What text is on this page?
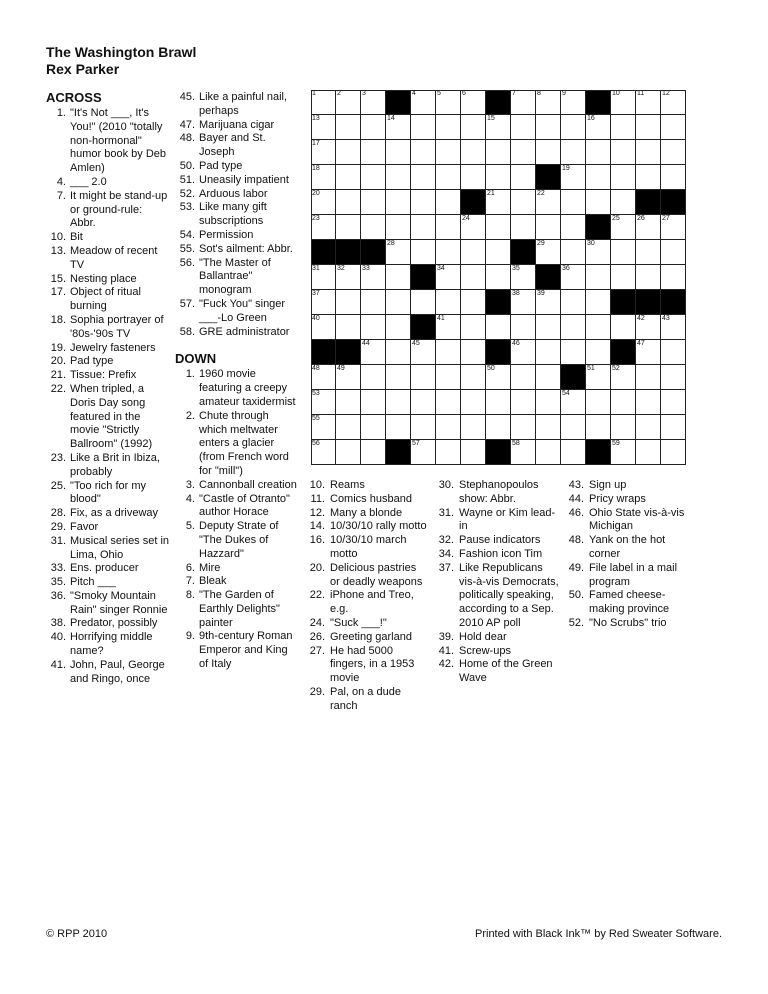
The Washington Brawl
Rex Parker
ACROSS
1. "It's Not ___, It's You!" (2010 "totally non-hormonal" humor book by Deb Amlen)
4. ___ 2.0
7. It might be stand-up or ground-rule: Abbr.
10. Bit
13. Meadow of recent TV
15. Nesting place
17. Object of ritual burning
18. Sophia portrayer of '80s-'90s TV
19. Jewelry fasteners
20. Pad type
21. Tissue: Prefix
22. When tripled, a Doris Day song featured in the movie "Strictly Ballroom" (1992)
23. Like a Brit in Ibiza, probably
25. "Too rich for my blood"
28. Fix, as a driveway
29. Favor
31. Musical series set in Lima, Ohio
33. Ens. producer
35. Pitch ___
36. "Smoky Mountain Rain" singer Ronnie
38. Predator, possibly
40. Horrifying middle name?
41. John, Paul, George and Ringo, once
45. Like a painful nail, perhaps
47. Marijuana cigar
48. Bayer and St. Joseph
50. Pad type
51. Uneasily impatient
52. Arduous labor
53. Like many gift subscriptions
54. Permission
55. Sot's ailment: Abbr.
56. "The Master of Ballantrae" monogram
57. "Fuck You" singer ___-Lo Green
58. GRE administrator
DOWN
1. 1960 movie featuring a creepy amateur taxidermist
2. Chute through which meltwater enters a glacier (from French word for "mill")
3. Cannonball creation
4. "Castle of Otranto" author Horace
5. Deputy Strate of "The Dukes of Hazzard"
6. Mire
7. Bleak
8. "The Garden of Earthly Delights" painter
9. 9th-century Roman Emperor and King of Italy
1	2	3	4	5	6	7	8	9	10 11	12
13	14	15	16
17
18	19
20	21	22
23	24	25 26 27
28	29	30
31 32 33	34	35	36
37	38 39
40	41	42 43
44	45	46	47
48 49	50	51 52
53	54
55
56	57	58	59
10. Reams
11. Comics husband
12. Many a blonde
14. 10/30/10 rally motto
16. 10/30/10 march motto
20. Delicious pastries or deadly weapons
22. iPhone and Treo, e.g.
24. "Suck ___!"
26. Greeting garland
27. He had 5000 fingers, in a 1953 movie
29. Pal, on a dude ranch
30. Stephanopoulos show: Abbr.
31. Wayne or Kim lead-in
32. Pause indicators
34. Fashion icon Tim
37. Like Republicans vis-à-vis Democrats, politically speaking, according to a Sep. 2010 AP poll
39. Hold dear
41. Screw-ups
42. Home of the Green Wave
43. Sign up
44. Pricy wraps
46. Ohio State vis-à-vis Michigan
48. Yank on the hot corner
49. File label in a mail program
50. Famed cheese-making province
52. "No Scrubs" trio
© RPP 2010	Printed with Black Ink™ by Red Sweater Software.
